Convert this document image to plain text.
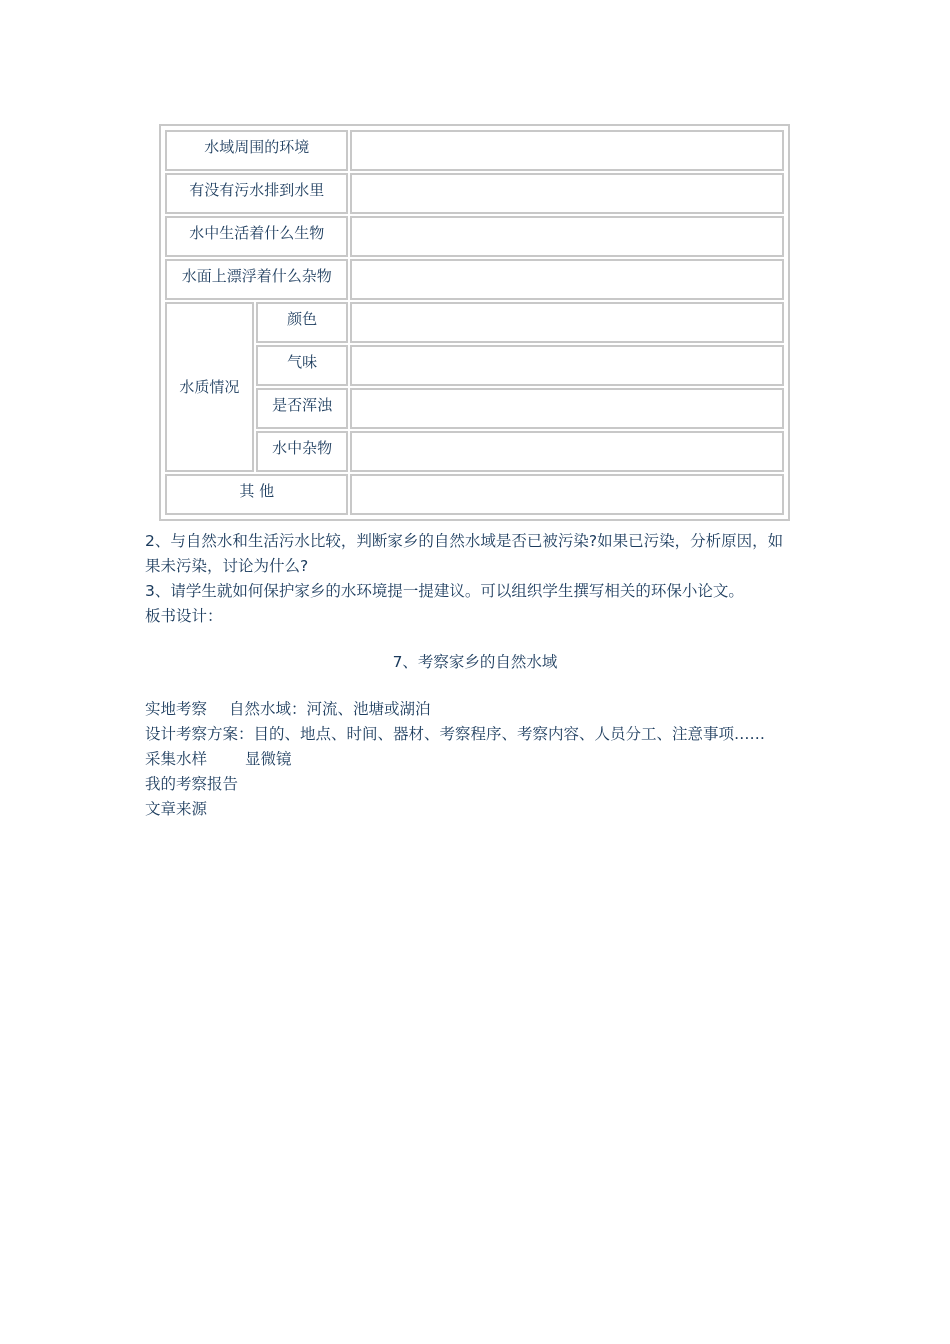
水域周围的环境		
有没有污水排到水里		
水中生活着什么生物		
水面上漂浮着什么杂物		
水质情况	颜色	
	气味	
	是否浑浊	
	水中杂物	
其 他		
2、与自然水和生活污水比较，判断家乡的自然水域是否已被污染?如果已污染，分析原因，如
果未污染，讨论为什么?
3、请学生就如何保护家乡的水环境提一提建议。可以组织学生撰写相关的环保小论文。
板书设计：
7、考察家乡的自然水域
实地考察 自然水域：河流、池塘或湖泊
设计考察方案：目的、地点、时间、器材、考察程序、考察内容、人员分工、注意事项……
采集水样 显微镜
我的考察报告
文章来源
